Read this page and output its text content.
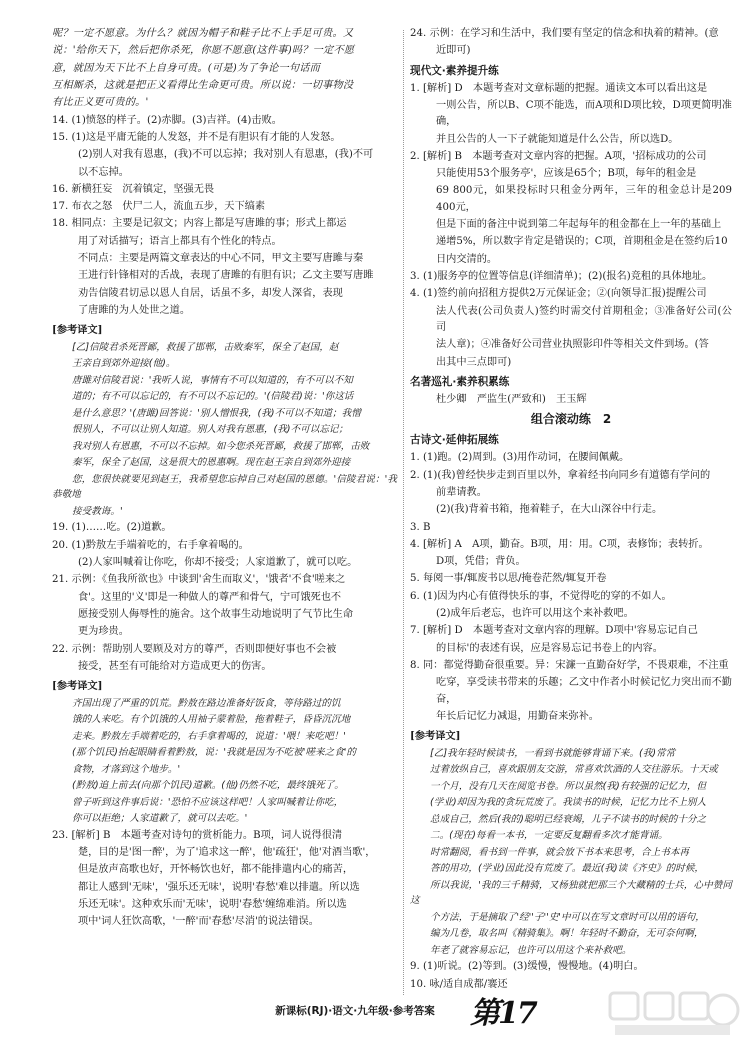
呢？一定不愿意。为什么？就因为帽子和鞋子比不上手足可贵。又
说：'给你天下，然后把你杀死，你愿不愿意(这件事)吗？一定不愿
意，就因为天下比不上自身可贵。(可是)为了争论一句话而
互相厮杀，这就是把正义看得比生命更可贵。所以说：一切事物没
有比正义更可贵的。'
14. (1)愤怒的样子。(2)赤脚。(3)吉祥。(4)击败。
15. (1)这是平庸无能的人发怒，并不是有胆识有才能的人发怒。
(2)别人对我有恩惠，(我)不可以忘掉；我对别人有恩惠，(我)不可
以不忘掉。
16. 新横狂妄　沉着镇定，坚强无畏
17. 布衣之怒　伏尸二人，流血五步，天下缟素
18. 相同点：主要是记叙文；内容上都是写唐雎的事；形式上都运
用了对话描写；语言上都具有个性化的特点。
不同点：主要是两篇文章表达的中心不同，甲文主要写唐雎与秦
王进行针锋相对的舌战，表现了唐雎的有胆有识；乙文主要写唐雎
劝告信陵君切忌以恩人自居，话虽不多，却发人深省，表现
了唐雎的为人处世之道。
[参考译文]
[乙]信陵君杀死晋鄙，救援了邯郸，击败秦军，保全了赵国，赵
王亲自到郊外迎接(他)。
唐雎对信陵君说：'我听人说，事情有不可以知道的，有不可以不知
道的；有不可以忘记的，有不可以不忘记的。'(信陵君)说：'你这话
是什么意思？'(唐雎)回答说：'别人憎恨我，(我)不可以不知道；我憎
恨别人，不可以让别人知道。别人对我有恩惠，(我)不可以忘记；
我对别人有恩惠，不可以不忘掉。如今您杀死晋鄙，救援了邯郸，击败
秦军，保全了赵国，这是很大的恩惠啊。现在赵王亲自到郊外迎接
您，您很快就要见到赵王，我希望您忘掉自己对赵国的恩德。'信陵君说：'我恭敬地
接受教诲。'
19. (1)……吃。(2)道歉。
20. (1)黔敖左手端着吃的，右手拿着喝的。
(2)人家叫喊着让你吃，你却不接受；人家道歉了，就可以吃。
21. 示例：《鱼我所欲也》中谈到'舍生而取义'，'饿者'不食'嗟来之
食'。这里的'义'即是一种做人的尊严和骨气，宁可饿死也不
愿接受别人侮辱性的施舍。这个故事生动地说明了气节比生命
更为珍贵。
22. 示例：帮助别人要顾及对方的尊严，否则即便好事也不会被
接受，甚至有可能给对方造成更大的伤害。
[参考译文]
齐国出现了严重的饥荒。黔敖在路边准备好饭食，等待路过的饥
饿的人来吃。有个饥饿的人用袖子蒙着脸，拖着鞋子，昏昏沉沉地
走来。黔敖左手端着吃的，右手拿着喝的，说道：'喂！来吃吧！'
(那个饥民)抬起眼睛看着黔敖，说：'我就是因为不吃被'嗟来之食'的
食物，才落到这个地步。'
(黔敖)追上前去(向那个饥民)道歉。(他)仍然不吃，最终饿死了。
曾子听到这件事后说：'恐怕不应该这样吧！人家叫喊着让你吃，
你可以拒绝；人家道歉了，就可以去吃。'
23. [解析] B　本题考查对诗句的赏析能力。B项，词人说得很清
楚，目的是'图一醉'，为了'追求这一醉'，他'疏狂'，他'对酒当歌'，
但是放声高歌也好，开怀畅饮也好，都不能排遣内心的痛苦，
都让人感到'无味'，'强乐还无味'，说明'春愁'难以排遣。所以选
乐还无味'。这种欢乐而'无味'，说明'春愁'缠绵难消。所以选
项中'词人狂饮高歌，'一醉'而'春愁'尽消'的说法错误。
24. 示例：在学习和生活中，我们要有坚定的信念和执着的精神。(意
近即可)
现代文·素养提升练
1. [解析] D　本题考查对文章标题的把握。通读文本可以看出这是
一则公告，所以B、C项不能选，而A项和D项比较，D项更简明准确，
并且公告的人一下子就能知道是什么公告，所以选D。
2. [解析] B　本题考查对文章内容的把握。A项，'招标成功的公司
只能使用53个服务亭'，应该是65个；B项，每年的租金是
69 800元，如果投标时只租金分两年，三年的租金总计是209 400元，
但是下面的备注中说到第二年起每年的租金都在上一年的基础上
递增5%，所以数字肯定是错误的；C项，首期租金是在签约后10
日内交清的。
3. (1)服务亭的位置等信息(详细清单)；(2)(报名)竞租的具体地址。
4. (1)签约前向招租方提供2万元保证金；②(向领导汇报)提醒公司
法人代表(公司负责人)签约时需交付首期租金；③准备好公司(公司
法人章)；④准备好公司营业执照影印件等相关文件到场。(答
出其中三点即可)
名著巡礼·素养积累练
杜少卿　严监生(严致和)　王玉辉
组合滚动练　2
古诗文·延伸拓展练
1. (1)跑。(2)周到。(3)用作动词，在腰间佩戴。
2. (1)(我)曾经快步走到百里以外，拿着经书向同乡有道德有学问的
前辈请教。
(2)(我)背着书箱，拖着鞋子，在大山深谷中行走。
3. B
4. [解析] A　A项，勤奋。B项，用：用。C项，表修饰；表转折。
D项，凭借；背负。
5. 每阅一事/辄废书以思/掩卷茫然/辄复开卷
6. (1)因为内心有值得快乐的事，不觉得吃的穿的不如人。
(2)成年后老忘，也许可以用这个来补救吧。
7. [解析] D　本题考查对文章内容的理解。D项中'容易忘记自己
的目标'的表述有误，应是容易忘记书卷上的内容。
8. 同：都觉得勤奋很重要。异：宋濂一直勤奋好学，不畏艰难，不注重
吃穿，享受读书带来的乐趣；乙文中作者小时候记忆力突出而不勤奋，
年长后记忆力减退，用勤奋来弥补。
[参考译文]
[乙]我年轻时候读书，一看到书就能够背诵下来。(我)常常
过着放纵自己，喜欢跟朋友交游，常喜欢饮酒的人交往游乐。十天或
一个月，没有几天在阅览书卷。所以虽然(我)有较强的记忆力，但
(学业)却因为我的贪玩荒废了。我读书的时候，记忆力比不上别人
总成自己，然后(我的)聪明已经衰竭，儿子不读书的时候的十分之
二。(现在)每看一本书，一定要反复翻看多次才能背诵。
时常翻阅，看书到一件事，就会放下书本来思考，合上书本再
答的用功，(学业)因此没有荒废了。最近(我)读《齐史》的时候，
所以我说，'我的三千精骑，又杨独就把那三个大藏精的士兵，心中赞同这
个方法，于是摘取了'经''子''史'中可以在写文章时可以用的语句，
编为几卷，取名叫《精骑集》。啊！年轻时不勤奋，无可奈何啊，
年老了就容易忘记，也许可以用这个来补救吧。
9. (1)听说。(2)等到。(3)缓慢，慢慢地。(4)明白。
10. 咏/适自成都/褰还
第17
新课标(RJ)·语文·九年级·参考答案
